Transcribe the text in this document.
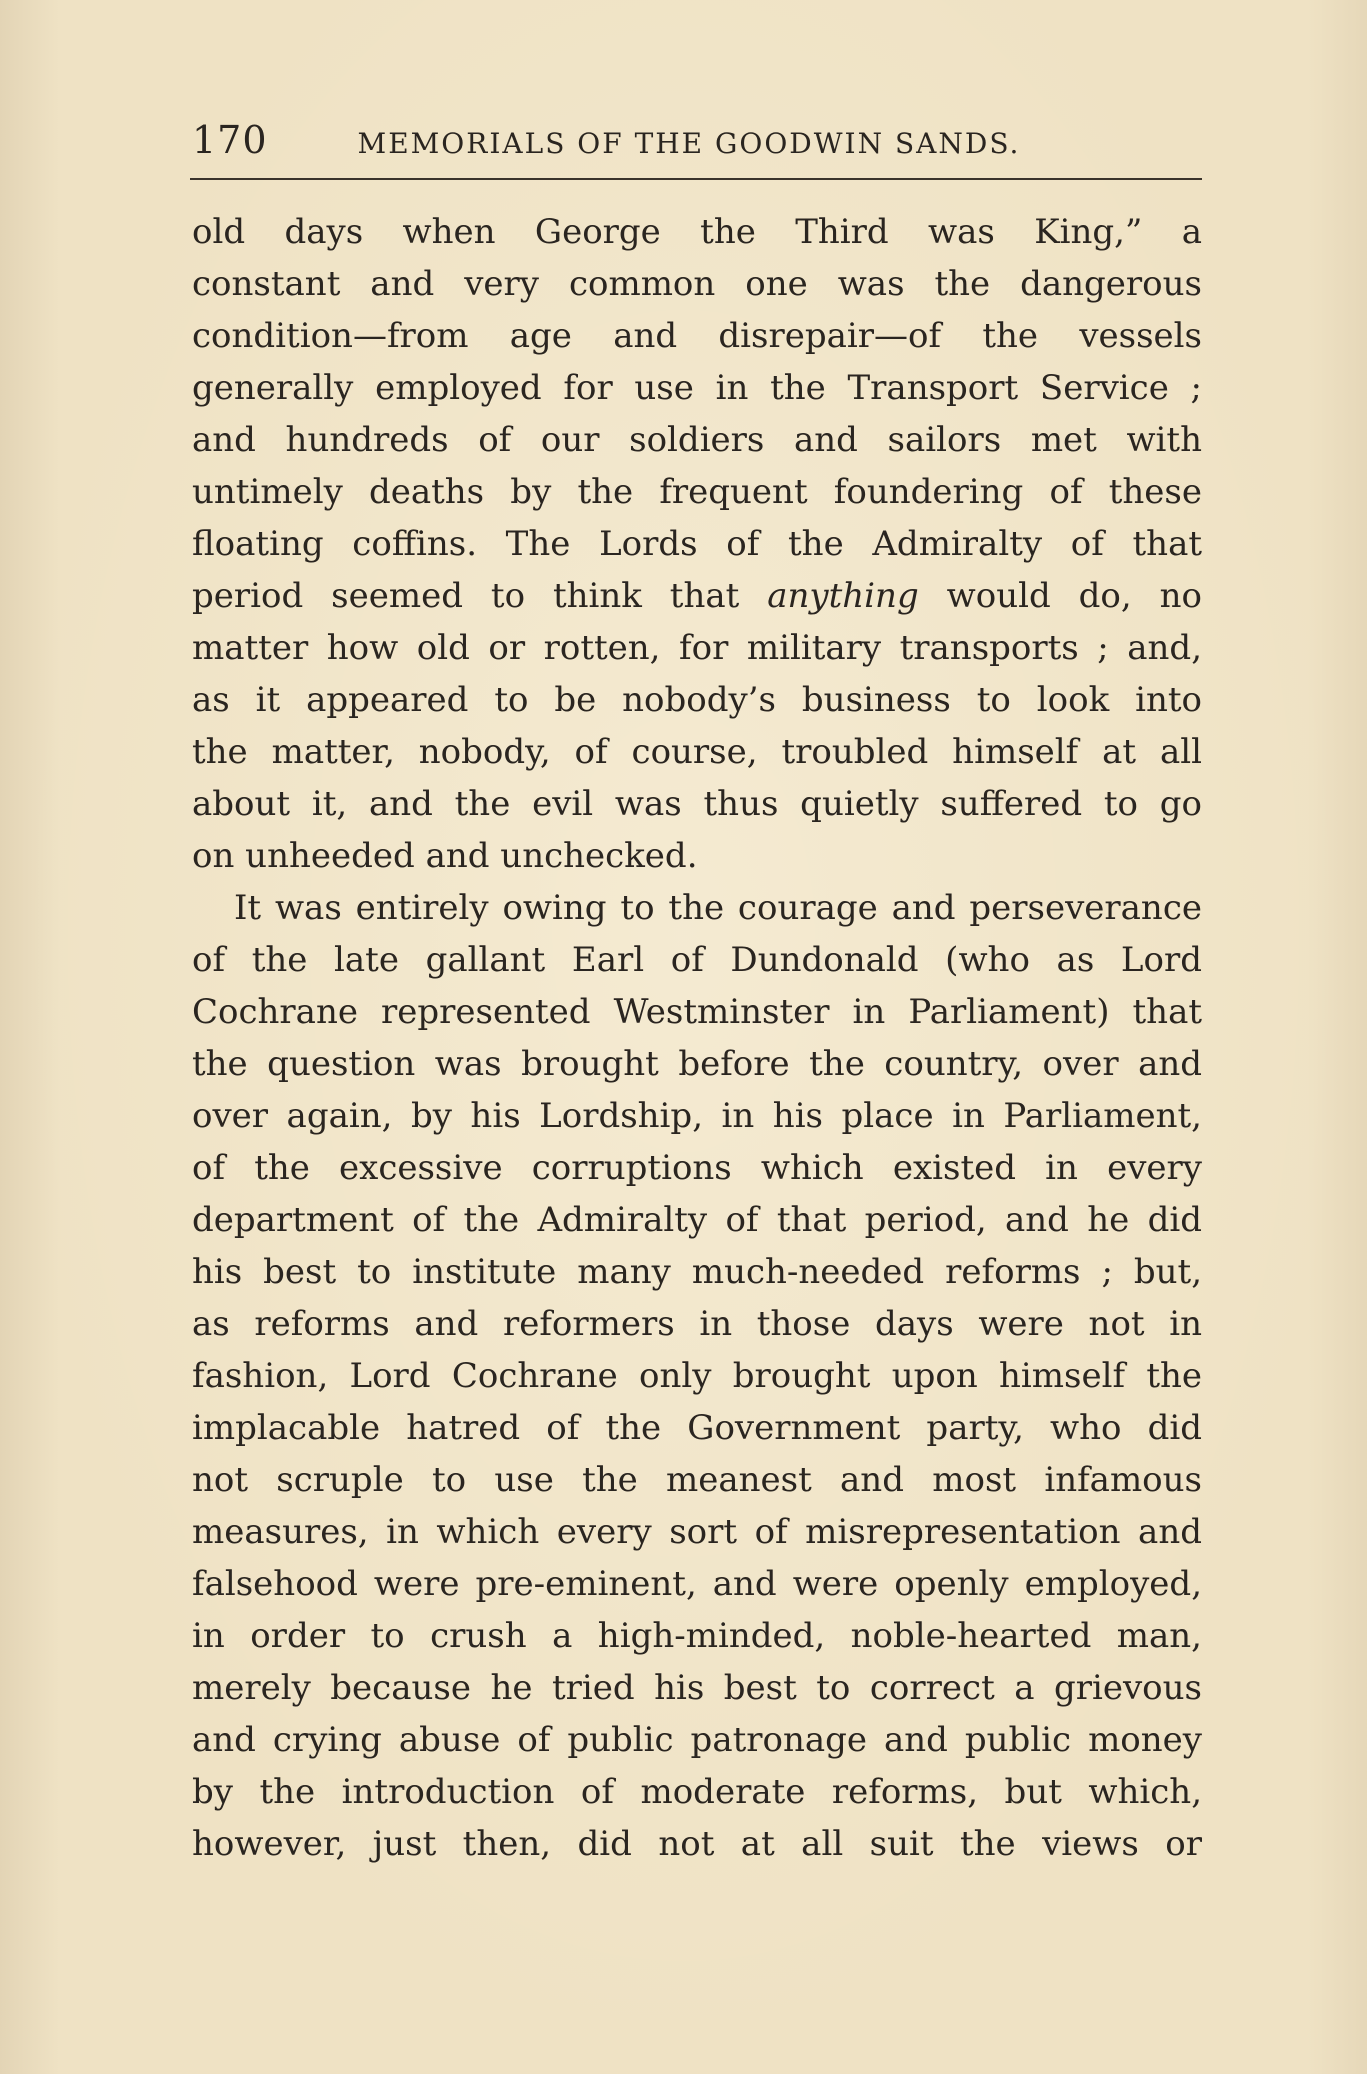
170	MEMORIALS OF THE GOODWIN SANDS.
old days when George the Third was King,” a
constant and very common one was the dangerous
condition—from age and disrepair—of the vessels
generally employed for use in the Transport Service ;
and hundreds of our soldiers and sailors met with
untimely deaths by the frequent foundering of these
floating coffins. The Lords of the Admiralty of that
period seemed to think that anything would do, no
matter how old or rotten, for military transports ; and,
as it appeared to be nobody’s business to look into
the matter, nobody, of course, troubled himself at all
about it, and the evil was thus quietly suffered to go
on unheeded and unchecked.
It was entirely owing to the courage and perseverance
of the late gallant Earl of Dundonald (who as Lord
Cochrane represented Westminster in Parliament) that
the question was brought before the country, over and
over again, by his Lordship, in his place in Parliament,
of the excessive corruptions which existed in every
department of the Admiralty of that period, and he did
his best to institute many much-needed reforms ; but,
as reforms and reformers in those days were not in
fashion, Lord Cochrane only brought upon himself the
implacable hatred of the Government party, who did
not scruple to use the meanest and most infamous
measures, in which every sort of misrepresentation and
falsehood were pre-eminent, and were openly employed,
in order to crush a high-minded, noble-hearted man,
merely because he tried his best to correct a grievous
and crying abuse of public patronage and public money
by the introduction of moderate reforms, but which,
however, just then, did not at all suit the views or
